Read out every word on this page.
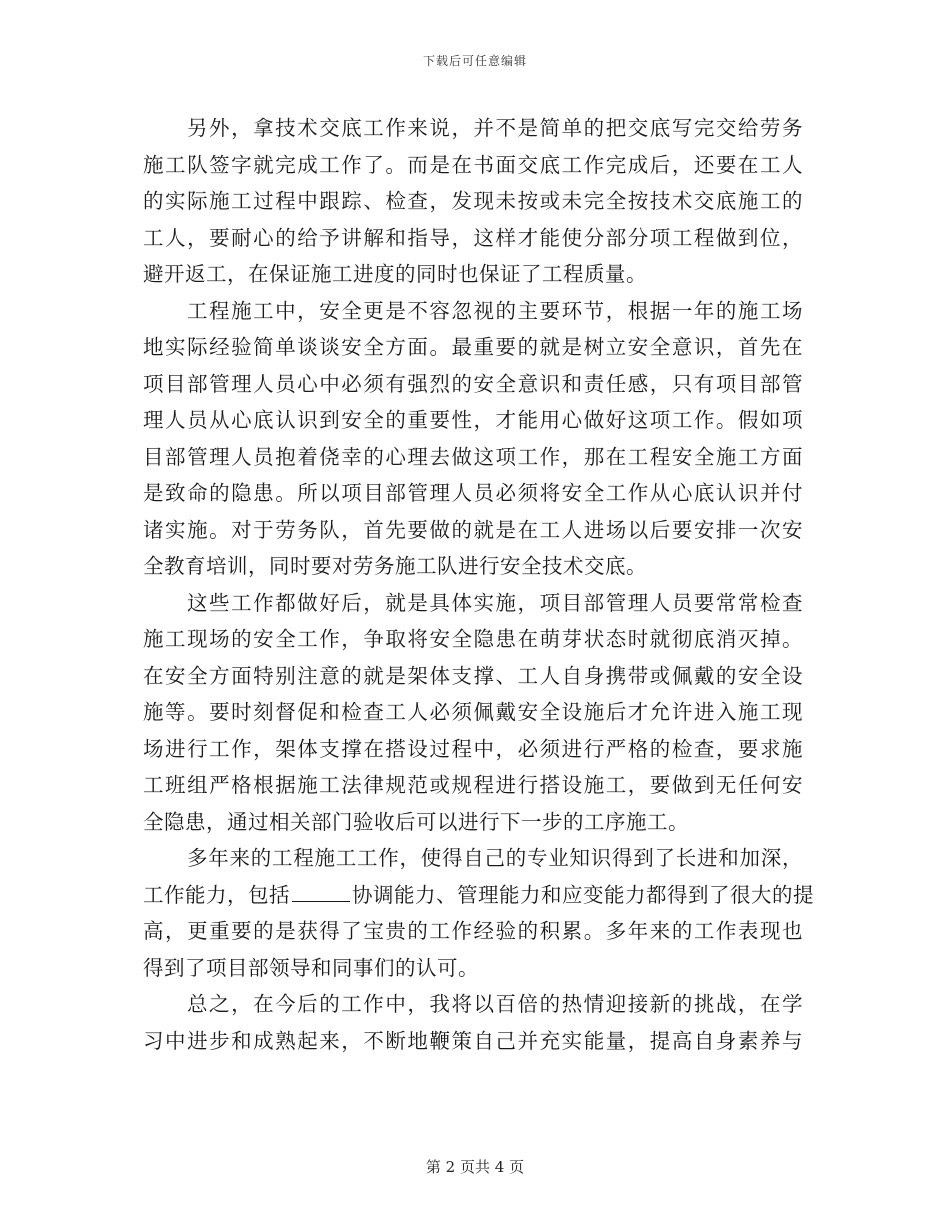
下载后可任意编辑
另外，拿技术交底工作来说，并不是简单的把交底写完交给劳务
施工队签字就完成工作了。而是在书面交底工作完成后，还要在工人
的实际施工过程中跟踪、检查，发现未按或未完全按技术交底施工的
工人，要耐心的给予讲解和指导，这样才能使分部分项工程做到位，
避开返工，在保证施工进度的同时也保证了工程质量。
工程施工中，安全更是不容忽视的主要环节，根据一年的施工场
地实际经验简单谈谈安全方面。最重要的就是树立安全意识，首先在
项目部管理人员心中必须有强烈的安全意识和责任感，只有项目部管
理人员从心底认识到安全的重要性，才能用心做好这项工作。假如项
目部管理人员抱着侥幸的心理去做这项工作，那在工程安全施工方面
是致命的隐患。所以项目部管理人员必须将安全工作从心底认识并付
诸实施。对于劳务队，首先要做的就是在工人进场以后要安排一次安
全教育培训，同时要对劳务施工队进行安全技术交底。
这些工作都做好后，就是具体实施，项目部管理人员要常常检查
施工现场的安全工作，争取将安全隐患在萌芽状态时就彻底消灭掉。
在安全方面特别注意的就是架体支撑、工人自身携带或佩戴的安全设
施等。要时刻督促和检查工人必须佩戴安全设施后才允许进入施工现
场进行工作，架体支撑在搭设过程中，必须进行严格的检查，要求施
工班组严格根据施工法律规范或规程进行搭设施工，要做到无任何安
全隐患，通过相关部门验收后可以进行下一步的工序施工。
多年来的工程施工工作，使得自己的专业知识得到了长进和加深，
工作能力，包括	协调能力、管理能力和应变能力都得到了很大的提
高，更重要的是获得了宝贵的工作经验的积累。多年来的工作表现也
得到了项目部领导和同事们的认可。
总之，在今后的工作中，我将以百倍的热情迎接新的挑战，在学
习中进步和成熟起来，不断地鞭策自己并充实能量，提高自身素养与
第 2 页共 4 页
